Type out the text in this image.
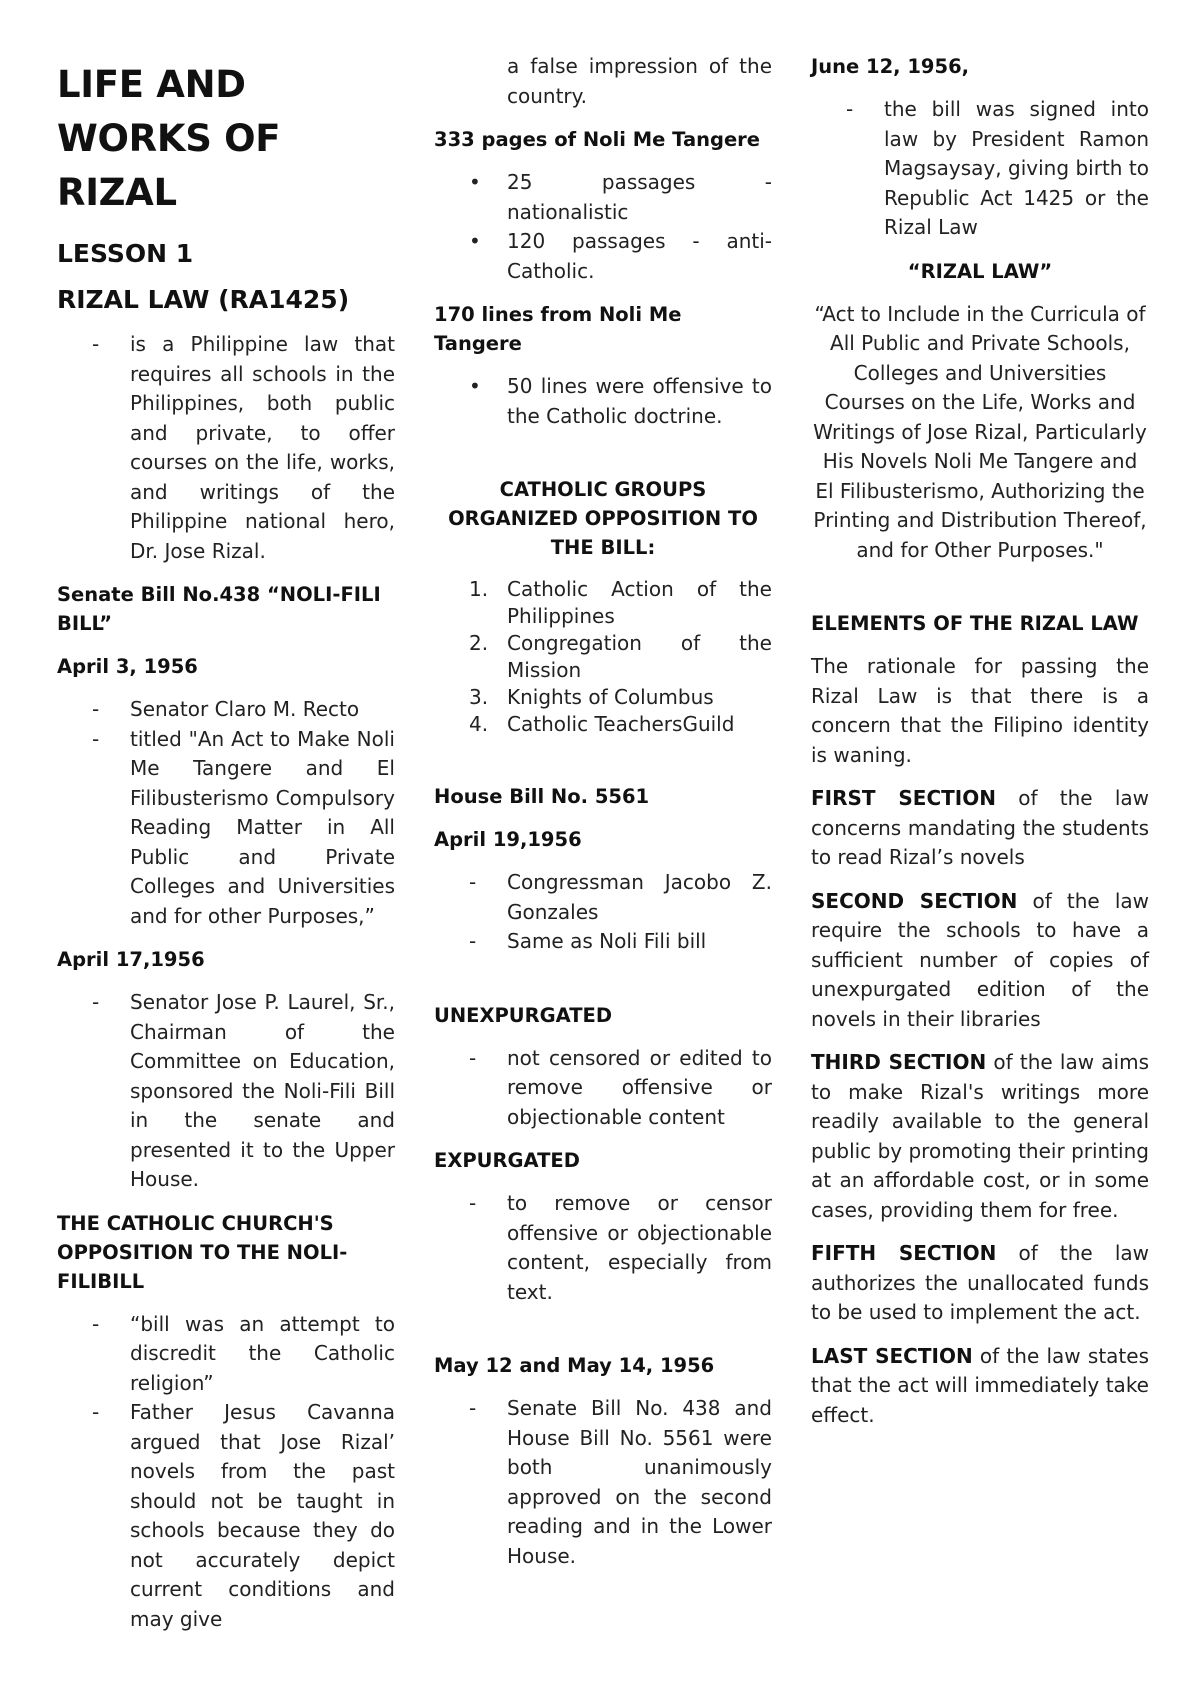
LIFE AND WORKS OF RIZAL
LESSON 1
RIZAL LAW (RA1425)
- is a Philippine law that requires all schools in the Philippines, both public and private, to offer courses on the life, works, and writings of the Philippine national hero, Dr. Jose Rizal.
Senate Bill No.438 “NOLI-FILI BILL”
April 3, 1956
- Senator Claro M. Recto
- titled "An Act to Make Noli Me Tangere and El Filibusterismo Compulsory Reading Matter in All Public and Private Colleges and Universities and for other Purposes,”
April 17,1956
- Senator Jose P. Laurel, Sr., Chairman of the Committee on Education, sponsored the Noli-Fili Bill in the senate and presented it to the Upper House.
THE CATHOLIC CHURCH'S OPPOSITION TO THE NOLI-FILIBILL
- “bill was an attempt to discredit the Catholic religion”
- Father Jesus Cavanna argued that Jose Rizal’ novels from the past should not be taught in schools because they do not accurately depict current conditions and may give
a false impression of the country.
333 pages of Noli Me Tangere
• 25 passages - nationalistic
• 120 passages - anti-Catholic.
170 lines from Noli Me Tangere
• 50 lines were offensive to the Catholic doctrine.
CATHOLIC GROUPS ORGANIZED OPPOSITION TO THE BILL:
1. Catholic Action of the Philippines
2. Congregation of the Mission
3. Knights of Columbus
4. Catholic TeachersGuild
House Bill No. 5561
April 19,1956
- Congressman Jacobo Z. Gonzales
- Same as Noli Fili bill
UNEXPURGATED
- not censored or edited to remove offensive or objectionable content
EXPURGATED
- to remove or censor offensive or objectionable content, especially from text.
May 12 and May 14, 1956
- Senate Bill No. 438 and House Bill No. 5561 were both unanimously approved on the second reading and in the Lower House.
June 12, 1956,
- the bill was signed into law by President Ramon Magsaysay, giving birth to Republic Act 1425 or the Rizal Law
“RIZAL LAW”
“Act to Include in the Curricula of All Public and Private Schools, Colleges and Universities Courses on the Life, Works and Writings of Jose Rizal, Particularly His Novels Noli Me Tangere and El Filibusterismo, Authorizing the Printing and Distribution Thereof, and for Other Purposes."
ELEMENTS OF THE RIZAL LAW
The rationale for passing the Rizal Law is that there is a concern that the Filipino identity is waning.
FIRST SECTION of the law concerns mandating the students to read Rizal’s novels
SECOND SECTION of the law require the schools to have a sufficient number of copies of unexpurgated edition of the novels in their libraries
THIRD SECTION of the law aims to make Rizal's writings more readily available to the general public by promoting their printing at an affordable cost, or in some cases, providing them for free.
FIFTH SECTION of the law authorizes the unallocated funds to be used to implement the act.
LAST SECTION of the law states that the act will immediately take effect.
